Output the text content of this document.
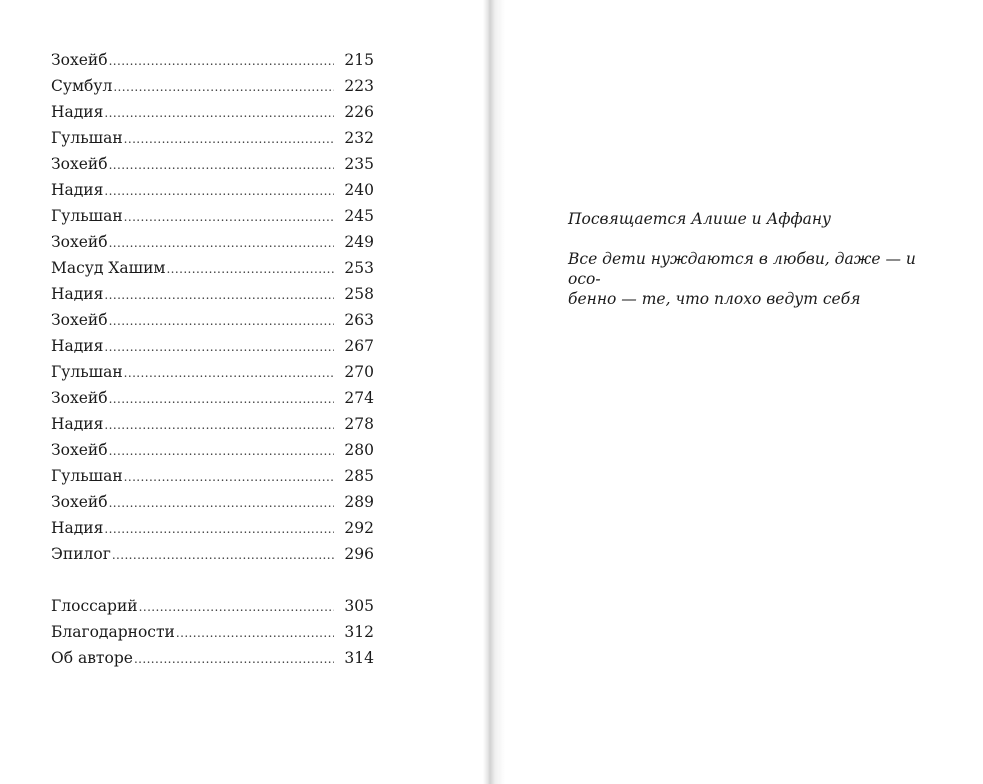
Зохейб .....	215
Сумбул .....	223
Надия .....	226
Гульшан .....	232
Зохейб .....	235
Надия .....	240
Гульшан .....	245
Зохейб .....	249
Масуд Хашим .....	253
Надия .....	258
Зохейб .....	263
Надия .....	267
Гульшан .....	270
Зохейб .....	274
Надия .....	278
Зохейб .....	280
Гульшан .....	285
Зохейб .....	289
Надия .....	292
Эпилог .....	296
Глоссарий .....	305
Благодарности .....	312
Об авторе .....	314

Посвящается Алише и Аффану

Все дети нуждаются в любви, даже — и осо-
бенно — те, что плохо ведут себя
